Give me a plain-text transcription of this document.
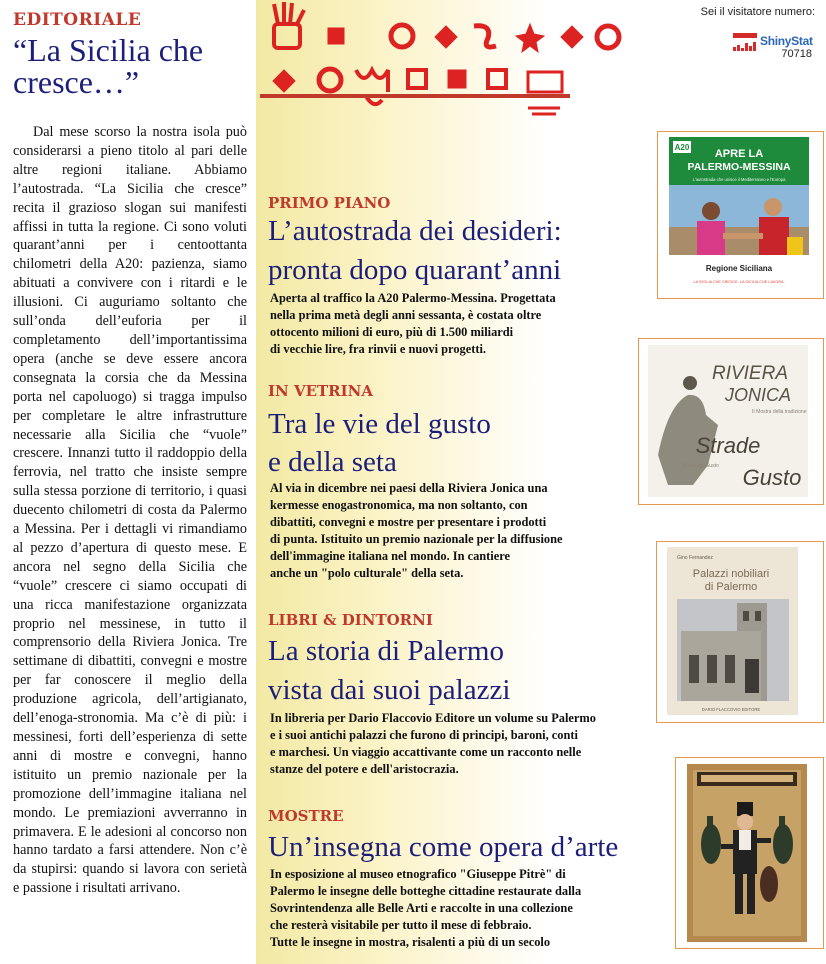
EDITORIALE
“La Sicilia che cresce…”

Dal mese scorso la nostra isola può considerarsi a pieno titolo al pari delle altre regioni italiane. Abbiamo l’autostrada. “La Sicilia che cresce” recita il grazioso slogan sui manifesti affissi in tutta la regione. Ci sono voluti quarant’anni per i centoottanta chilometri della A20: pazienza, siamo abituati a convivere con i ritardi e le illusioni. Ci auguriamo soltanto che sull’onda dell’euforia per il completamento dell’importantissima opera (anche se deve essere ancora consegnata la corsia che da Messina porta nel capoluogo) si tragga impulso per completare le altre infrastrutture necessarie alla Sicilia che “vuole” crescere. Innanzi tutto il raddoppio della ferrovia, nel tratto che insiste sempre sulla stessa porzione di territorio, i quasi duecento chilometri di costa da Palermo a Messina. Per i dettagli vi rimandiamo al pezzo d’apertura di questo mese. E ancora nel segno della Sicilia che “vuole” crescere ci siamo occupati di una ricca manifestazione organizzata proprio nel messinese, in tutto il comprensorio della Riviera Jonica. Tre settimane di dibattiti, convegni e mostre per far conoscere il meglio della produzione agricola, dell’artigianato, dell’enoga-stronomia. Ma c’è di più: i messinesi, forti dell’esperienza di sette anni di mostre e convegni, hanno istituito un premio nazionale per la promozione dell’immagine italiana nel mondo. Le premiazioni avverranno in primavera. E le adesioni al concorso non hanno tardato a farsi attendere. Non c’è da stupirsi: quando si lavora con serietà e passione i risultati arrivano.

Sei il visitatore numero:
ShinyStat
70718
PRIMO PIANO
L’autostrada dei desideri:
pronta dopo quarant’anni
Aperta al traffico la A20 Palermo-Messina. Progettata
nella prima metà degli anni sessanta, è costata oltre
ottocento milioni di euro, più di 1.500 miliardi
di vecchie lire, fra rinvii e nuovi progetti.
IN VETRINA
Tra le vie del gusto
e della seta
Al via in dicembre nei paesi della Riviera Jonica una
kermesse enogastronomica, ma non soltanto, con
dibattiti, convegni e mostre per presentare i prodotti
di punta. Istituito un premio nazionale per la diffusione
dell'immagine italiana nel mondo. In cantiere
anche un "polo culturale" della seta.
LIBRI & DINTORNI
La storia di Palermo
vista dai suoi palazzi
In libreria per Dario Flaccovio Editore un volume su Palermo
e i suoi antichi palazzi che furono di principi, baroni, conti
e marchesi. Un viaggio accattivante come un racconto nelle
stanze del potere e dell'aristocrazia.
MOSTRE
Un’insegna come opera d’arte
In esposizione al museo etnografico "Giuseppe Pitrè" di
Palermo le insegne delle botteghe cittadine restaurate dalla
Sovrintendenza alle Belle Arti e raccolte in una collezione
che resterà visitabile per tutto il mese di febbraio.
Tutte le insegne in mostra, risalenti a più di un secolo
A20
APRE LA
PALERMO-MESSINA
L'autostrada che unisce il Mediterraneo e l'Europa
Regione Siciliana
LA SICILIA CHE CRESCE. LA SICILIA CHE LAVORA.
RIVIERA
JONICA
II Mostra della tradizione
Strade
Gusto
Strade del Gusto
Gino Fernandez
Palazzi nobiliari
di Palermo
DARIO FLACCOVIO EDITORE
